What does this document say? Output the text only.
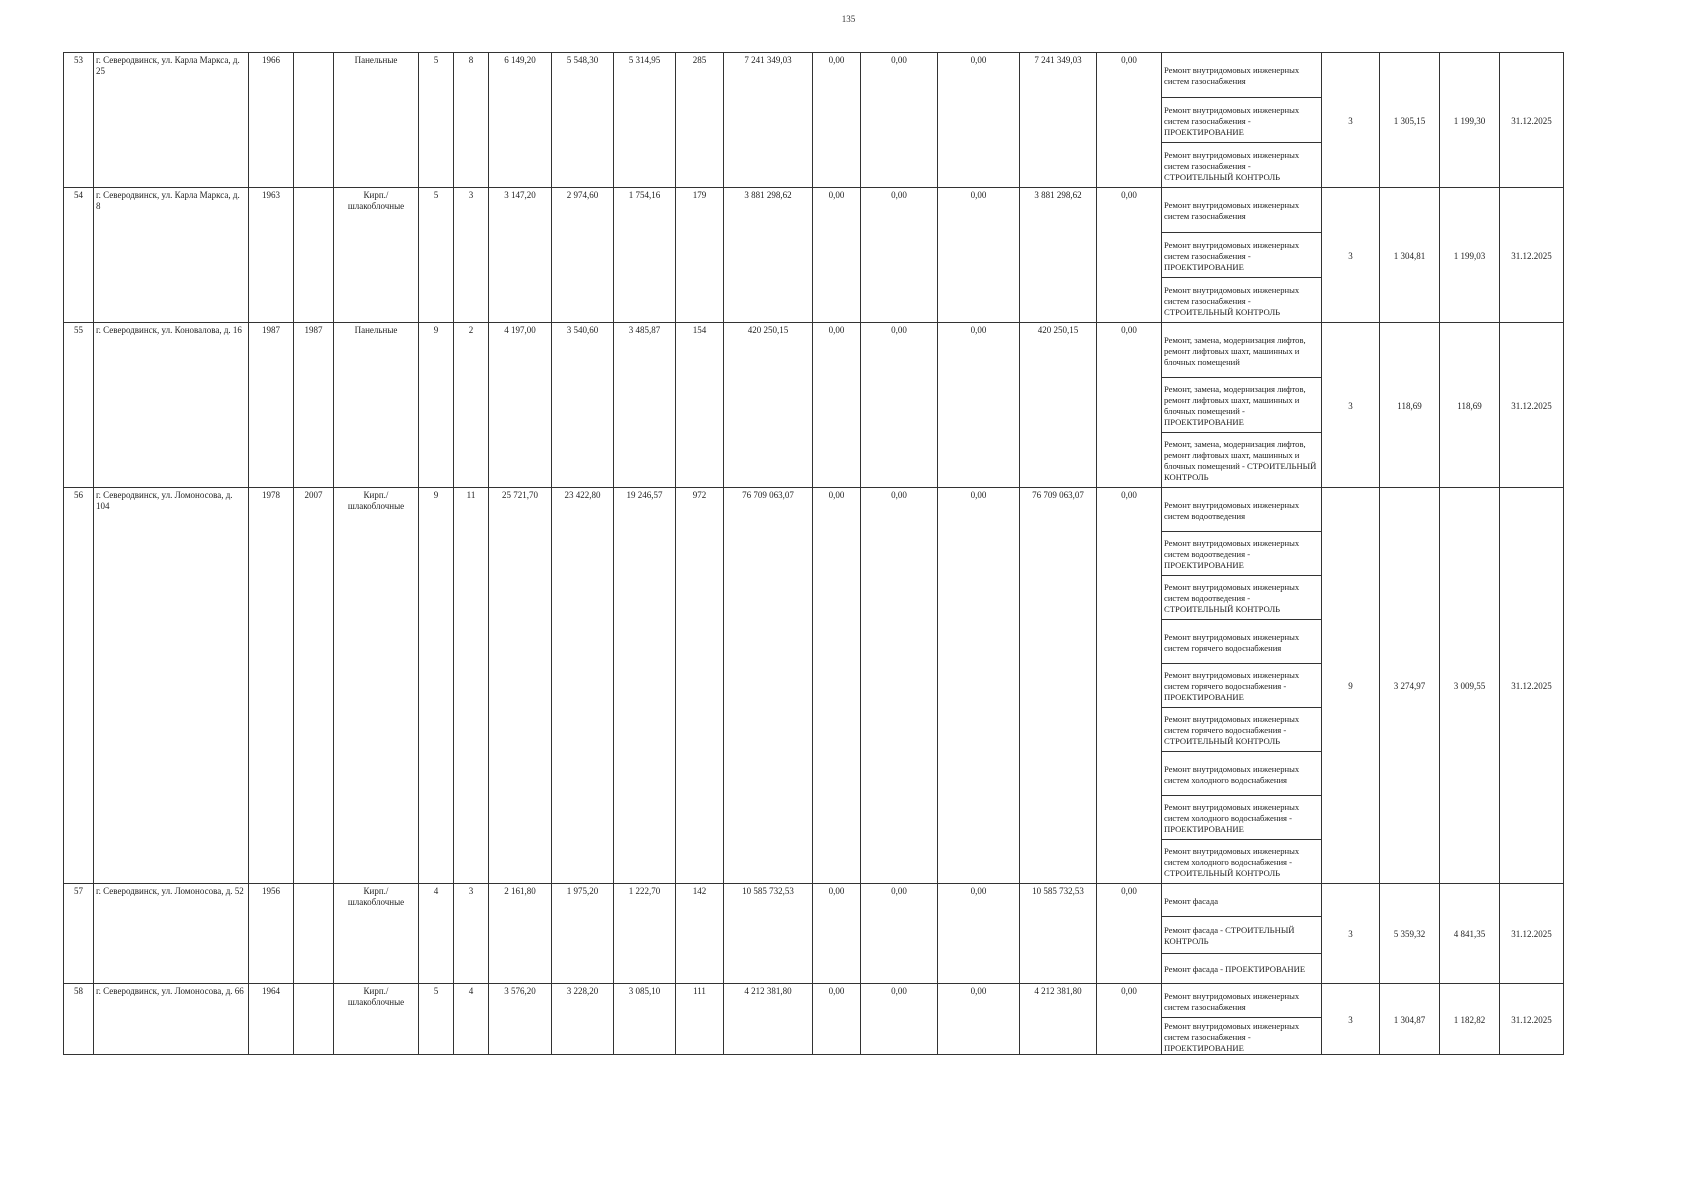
135
53	г. Северодвинск, ул. Карла Маркса, д. 25	1966		Панельные	5	8	6 149,20	5 548,30	5 314,95	285	7 241 349,03	0,00	0,00	0,00	7 241 349,03	0,00	Ремонт внутридомовых инженерных систем газоснабжения	3	1 305,15	1 199,30	31.12.2025
																	Ремонт внутридомовых инженерных систем газоснабжения - ПРОЕКТИРОВАНИЕ				
																	Ремонт внутридомовых инженерных систем газоснабжения - СТРОИТЕЛЬНЫЙ КОНТРОЛЬ				
54	г. Северодвинск, ул. Карла Маркса, д. 8	1963		Кирп./ шлакоблочные	5	3	3 147,20	2 974,60	1 754,16	179	3 881 298,62	0,00	0,00	0,00	3 881 298,62	0,00	Ремонт внутридомовых инженерных систем газоснабжения	3	1 304,81	1 199,03	31.12.2025
																	Ремонт внутридомовых инженерных систем газоснабжения - ПРОЕКТИРОВАНИЕ				
																	Ремонт внутридомовых инженерных систем газоснабжения - СТРОИТЕЛЬНЫЙ КОНТРОЛЬ				
55	г. Северодвинск, ул. Коновалова, д. 16	1987	1987	Панельные	9	2	4 197,00	3 540,60	3 485,87	154	420 250,15	0,00	0,00	0,00	420 250,15	0,00	Ремонт, замена, модернизация лифтов, ремонт лифтовых шахт, машинных и блочных помещений	3	118,69	118,69	31.12.2025
																	Ремонт, замена, модернизация лифтов, ремонт лифтовых шахт, машинных и блочных помещений - ПРОЕКТИРОВАНИЕ				
																	Ремонт, замена, модернизация лифтов, ремонт лифтовых шахт, машинных и блочных помещений - СТРОИТЕЛЬНЫЙ КОНТРОЛЬ				
56	г. Северодвинск, ул. Ломоносова, д. 104	1978	2007	Кирп./ шлакоблочные	9	11	25 721,70	23 422,80	19 246,57	972	76 709 063,07	0,00	0,00	0,00	76 709 063,07	0,00	Ремонт внутридомовых инженерных систем водоотведения	9	3 274,97	3 009,55	31.12.2025
																	Ремонт внутридомовых инженерных систем водоотведения - ПРОЕКТИРОВАНИЕ				
																	Ремонт внутридомовых инженерных систем водоотведения - СТРОИТЕЛЬНЫЙ КОНТРОЛЬ				
																	Ремонт внутридомовых инженерных систем горячего водоснабжения				
																	Ремонт внутридомовых инженерных систем горячего водоснабжения - ПРОЕКТИРОВАНИЕ				
																	Ремонт внутридомовых инженерных систем горячего водоснабжения - СТРОИТЕЛЬНЫЙ КОНТРОЛЬ				
																	Ремонт внутридомовых инженерных систем холодного водоснабжения				
																	Ремонт внутридомовых инженерных систем холодного водоснабжения - ПРОЕКТИРОВАНИЕ				
																	Ремонт внутридомовых инженерных систем холодного водоснабжения - СТРОИТЕЛЬНЫЙ КОНТРОЛЬ				
57	г. Северодвинск, ул. Ломоносова, д. 52	1956		Кирп./ шлакоблочные	4	3	2 161,80	1 975,20	1 222,70	142	10 585 732,53	0,00	0,00	0,00	10 585 732,53	0,00	Ремонт фасада	3	5 359,32	4 841,35	31.12.2025
																	Ремонт фасада - СТРОИТЕЛЬНЫЙ КОНТРОЛЬ				
																	Ремонт фасада - ПРОЕКТИРОВАНИЕ				
58	г. Северодвинск, ул. Ломоносова, д. 66	1964		Кирп./ шлакоблочные	5	4	3 576,20	3 228,20	3 085,10	111	4 212 381,80	0,00	0,00	0,00	4 212 381,80	0,00	Ремонт внутридомовых инженерных систем газоснабжения	3	1 304,87	1 182,82	31.12.2025
																	Ремонт внутридомовых инженерных систем газоснабжения - ПРОЕКТИРОВАНИЕ				
